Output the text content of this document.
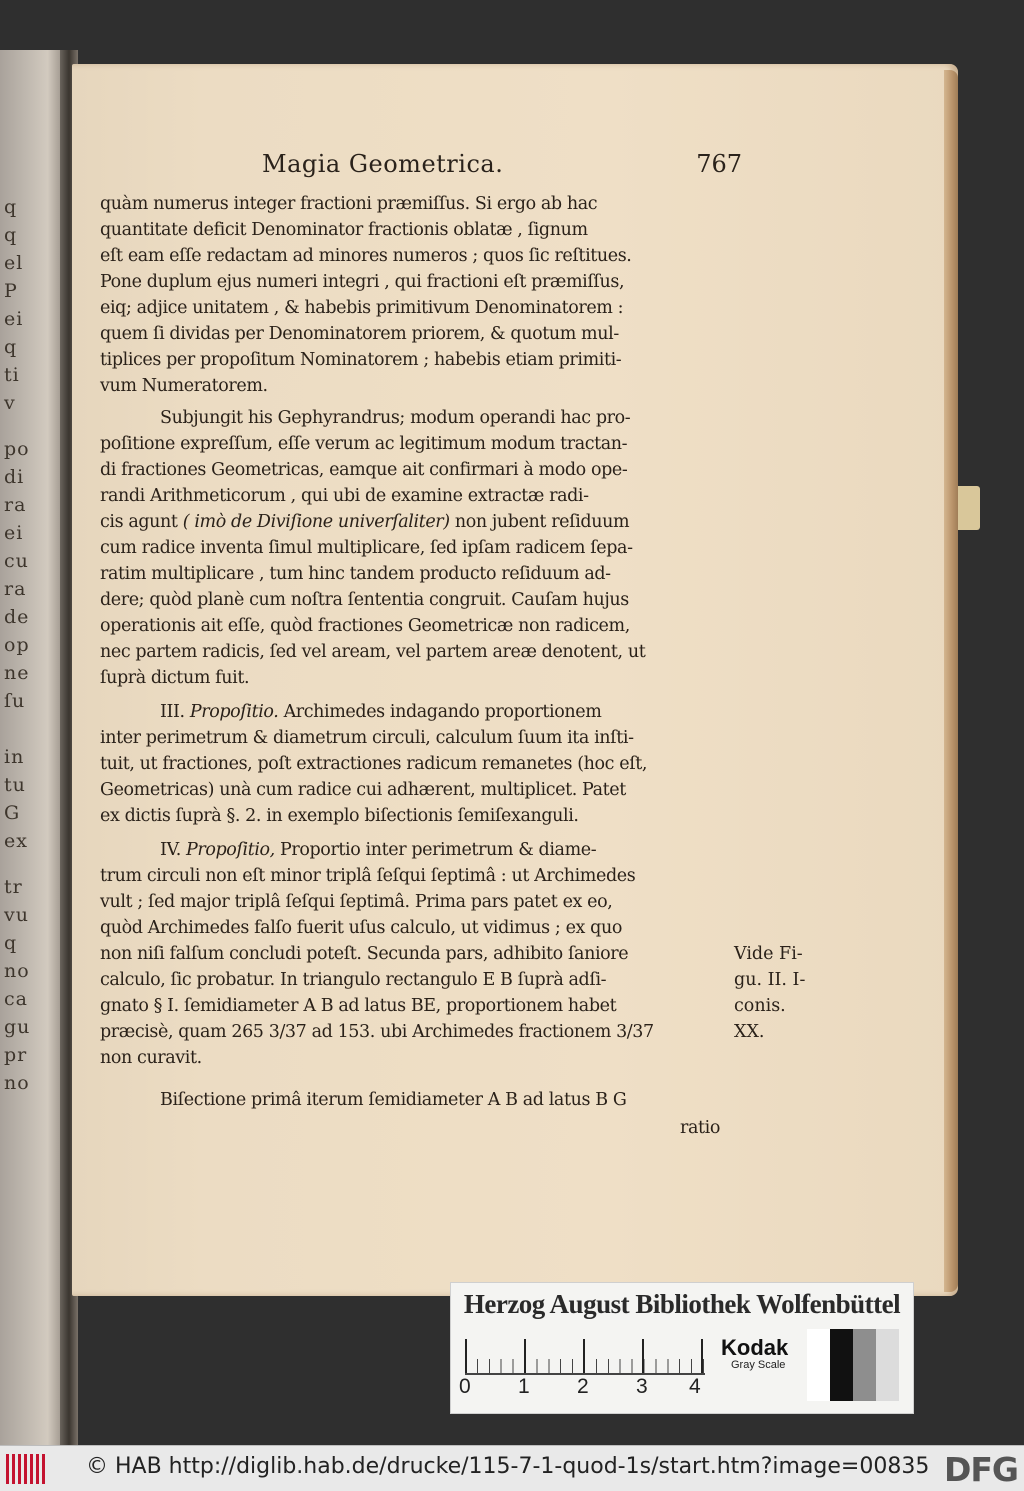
q
q
el
P
ei
q
ti
v
po
di
ra
ei
cu
ra
de
op
ne
ſu
in
tu
G
ex
tr
vu
q
no
ca
gu
pr
no
Magia Geometrica.	767
quàm numerus integer fractioni præmiſſus. Si ergo ab hac
quantitate deficit Denominator fractionis oblatæ , ſignum
eſt eam eſſe redactam ad minores numeros ; quos ſic reſtitues.
Pone duplum ejus numeri integri , qui fractioni eſt præmiſſus,
eiq; adjice unitatem , & habebis primitivum Denominatorem :
quem ſi dividas per Denominatorem priorem, & quotum mul-
tiplices per propoſitum Nominatorem ; habebis etiam primiti-
vum Numeratorem.
Subjungit his Gephyrandrus; modum operandi hac pro-
poſitione expreſſum, eſſe verum ac legitimum modum tractan-
di fractiones Geometricas, eamque ait confirmari à modo ope-
randi Arithmeticorum , qui ubi de examine extractæ radi-
cis agunt ( imò de Diviſione univerſaliter) non jubent reſiduum
cum radice inventa ſimul multiplicare, ſed ipſam radicem ſepa-
ratim multiplicare , tum hinc tandem producto reſiduum ad-
dere; quòd planè cum noſtra ſententia congruit. Cauſam hujus
operationis ait eſſe, quòd fractiones Geometricæ non radicem,
nec partem radicis, ſed vel aream, vel partem areæ denotent, ut
ſuprà dictum fuit.
III. Propoſitio. Archimedes indagando proportionem
inter perimetrum & diametrum circuli, calculum ſuum ita inſti-
tuit, ut fractiones, poſt extractiones radicum remanetes (hoc eſt,
Geometricas) unà cum radice cui adhærent, multiplicet. Patet
ex dictis ſuprà §. 2. in exemplo biſectionis ſemiſexanguli.
IV. Propoſitio, Proportio inter perimetrum & diame-
trum circuli non eſt minor triplâ ſeſqui ſeptimâ : ut Archimedes
vult ; ſed major triplâ ſeſqui ſeptimâ. Prima pars patet ex eo,
quòd Archimedes falſo fuerit uſus calculo, ut vidimus ; ex quo
non niſi falſum concludi poteſt. Secunda pars, adhibito ſaniore
calculo, ſic probatur. In triangulo rectangulo E B ſuprà adſi-
gnato § I. ſemidiameter A B ad latus BE, proportionem habet
præcisè, quam 265 3/37 ad 153. ubi Archimedes fractionem 3/37
non curavit.
Vide Fi-
gu. II. I-
conis.
XX.
Biſectione primâ iterum ſemidiameter A B ad latus B G
ratio
Herzog August Bibliothek Wolfenbüttel
0 1 2 3 4
Kodak
Gray Scale
© HAB http://diglib.hab.de/drucke/115-7-1-quod-1s/start.htm?image=00835 DFG
